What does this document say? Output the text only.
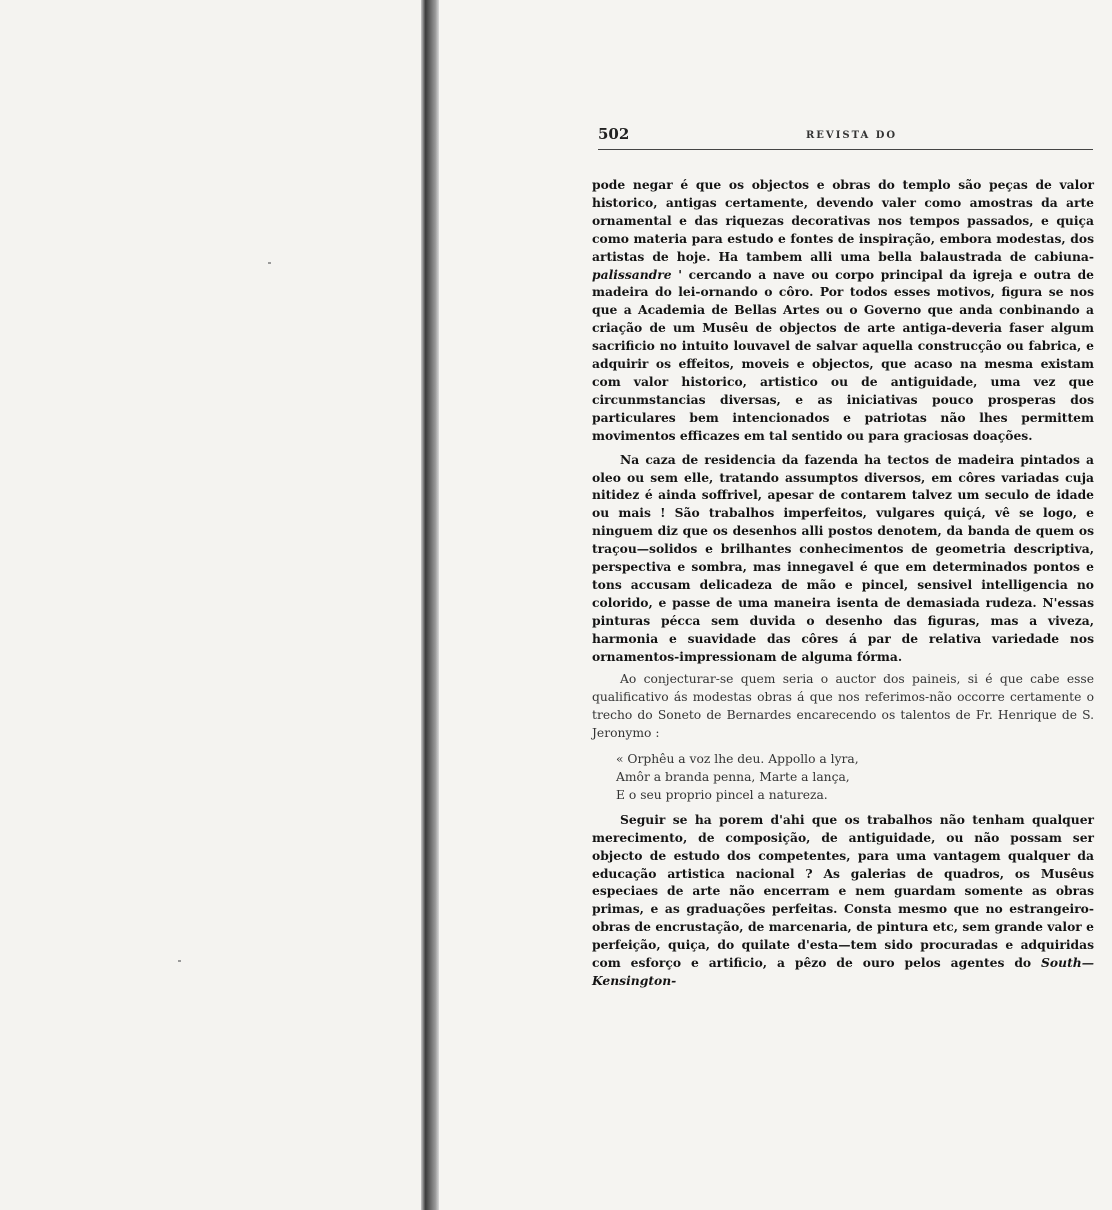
502	REVISTA DO

pode negar é que os objectos e obras do templo são peças de valor historico, antigas certamente, devendo valer como amostras da arte ornamental e das riquezas decorativas nos tempos passados, e quiça como materia para estudo e fontes de inspiração, embora modestas, dos artistas de hoje. Ha tambem alli uma bella balaustrada de cabiuna-palissandre ' cercando a nave ou corpo principal da igreja e outra de madeira do lei-ornando o côro. Por todos esses motivos, figura se nos que a Academia de Bellas Artes ou o Governo que anda conbinando a criação de um Musêu de objectos de arte antiga-deveria faser algum sacrificio no intuito louvavel de salvar aquella construcção ou fabrica, e adquirir os effeitos, moveis e objectos, que acaso na mesma existam com valor historico, artistico ou de antiguidade, uma vez que circunmstancias diversas, e as iniciativas pouco prosperas dos particulares bem intencionados e patriotas não lhes permittem movimentos efficazes em tal sentido ou para graciosas doações.

Na caza de residencia da fazenda ha tectos de madeira pintados a oleo ou sem elle, tratando assumptos diversos, em côres variadas cuja nitidez é ainda soffrivel, apesar de contarem talvez um seculo de idade ou mais ! São trabalhos imperfeitos, vulgares quiçá, vê se logo, e ninguem diz que os desenhos alli postos denotem, da banda de quem os traçou—solidos e brilhantes conhecimentos de geometria descriptiva, perspectiva e sombra, mas innegavel é que em determinados pontos e tons accusam delicadeza de mão e pincel, sensivel intelligencia no colorido, e passe de uma maneira isenta de demasiada rudeza. N'essas pinturas pécca sem duvida o desenho das figuras, mas a viveza, harmonia e suavidade das côres á par de relativa variedade nos ornamentos-impressionam de alguma fórma.

Ao conjecturar-se quem seria o auctor dos paineis, si é que cabe esse qualificativo ás modestas obras á que nos referimos-não occorre certamente o trecho do Soneto de Bernardes encarecendo os talentos de Fr. Henrique de S. Jeronymo :

« Orphêu a voz lhe deu. Appollo a lyra,
Amôr a branda penna, Marte a lança,
E o seu proprio pincel a natureza.

Seguir se ha porem d'ahi que os trabalhos não tenham qualquer merecimento, de composição, de antiguidade, ou não possam ser objecto de estudo dos competentes, para uma vantagem qualquer da educação artistica nacional ? As galerias de quadros, os Musêus especiaes de arte não encerram e nem guardam somente as obras primas, e as graduações perfeitas. Consta mesmo que no estrangeiro-obras de encrustação, de marcenaria, de pintura etc, sem grande valor e perfeição, quiça, do quilate d'esta—tem sido procuradas e adquiridas com esforço e artificio, a pêzo de ouro pelos agentes do South—Kensington-
